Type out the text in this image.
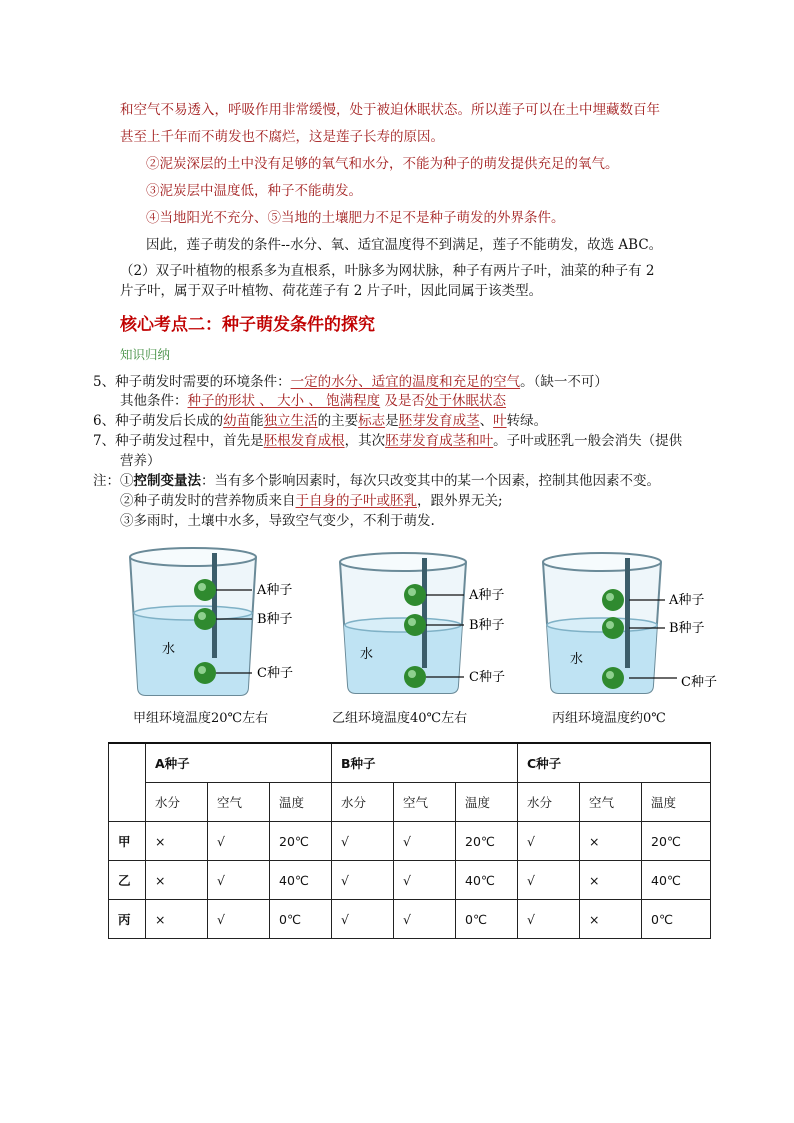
和空气不易透入，呼吸作用非常缓慢，处于被迫休眠状态。所以莲子可以在土中埋藏数百年
甚至上千年而不萌发也不腐烂，这是莲子长寿的原因。
②泥炭深层的土中没有足够的氧气和水分，不能为种子的萌发提供充足的氧气。
③泥炭层中温度低，种子不能萌发。
④当地阳光不充分、⑤当地的土壤肥力不足不是种子萌发的外界条件。
因此，莲子萌发的条件--水分、氧、适宜温度得不到满足，莲子不能萌发，故选 ABC。
（2）双子叶植物的根系多为直根系，叶脉多为网状脉，种子有两片子叶，油菜的种子有 2
片子叶，属于双子叶植物、荷花莲子有 2 片子叶，因此同属于该类型。
核心考点二：种子萌发条件的探究
知识归纳
5、种子萌发时需要的环境条件：一定的水分、适宜的温度和充足的空气。（缺一不可）
其他条件：种子的形状 、 大小 、 饱满程度 及是否处于休眠状态
6、种子萌发后长成的幼苗能独立生活的主要标志是胚芽发育成茎、叶转绿。
7、种子萌发过程中，首先是胚根发育成根，其次胚芽发育成茎和叶。子叶或胚乳一般会消失（提供
营养）
注：①控制变量法：当有多个影响因素时，每次只改变其中的某一个因素，控制其他因素不变。
②种子萌发时的营养物质来自于自身的子叶或胚乳，跟外界无关;
③多雨时，土壤中水多，导致空气变少，不利于萌发.
水
A种子
B种子
C种子
甲组环境温度20℃左右
水
A种子
B种子
C种子
乙组环境温度40℃左右
水
A种子
B种子
C种子
丙组环境温度约0℃
	A种子			B种子			C种子		
	水分	空气	温度	水分	空气	温度	水分	空气	温度
甲	×	√	20℃	√	√	20℃	√	×	20℃
乙	×	√	40℃	√	√	40℃	√	×	40℃
丙	×	√	0℃	√	√	0℃	√	×	0℃
